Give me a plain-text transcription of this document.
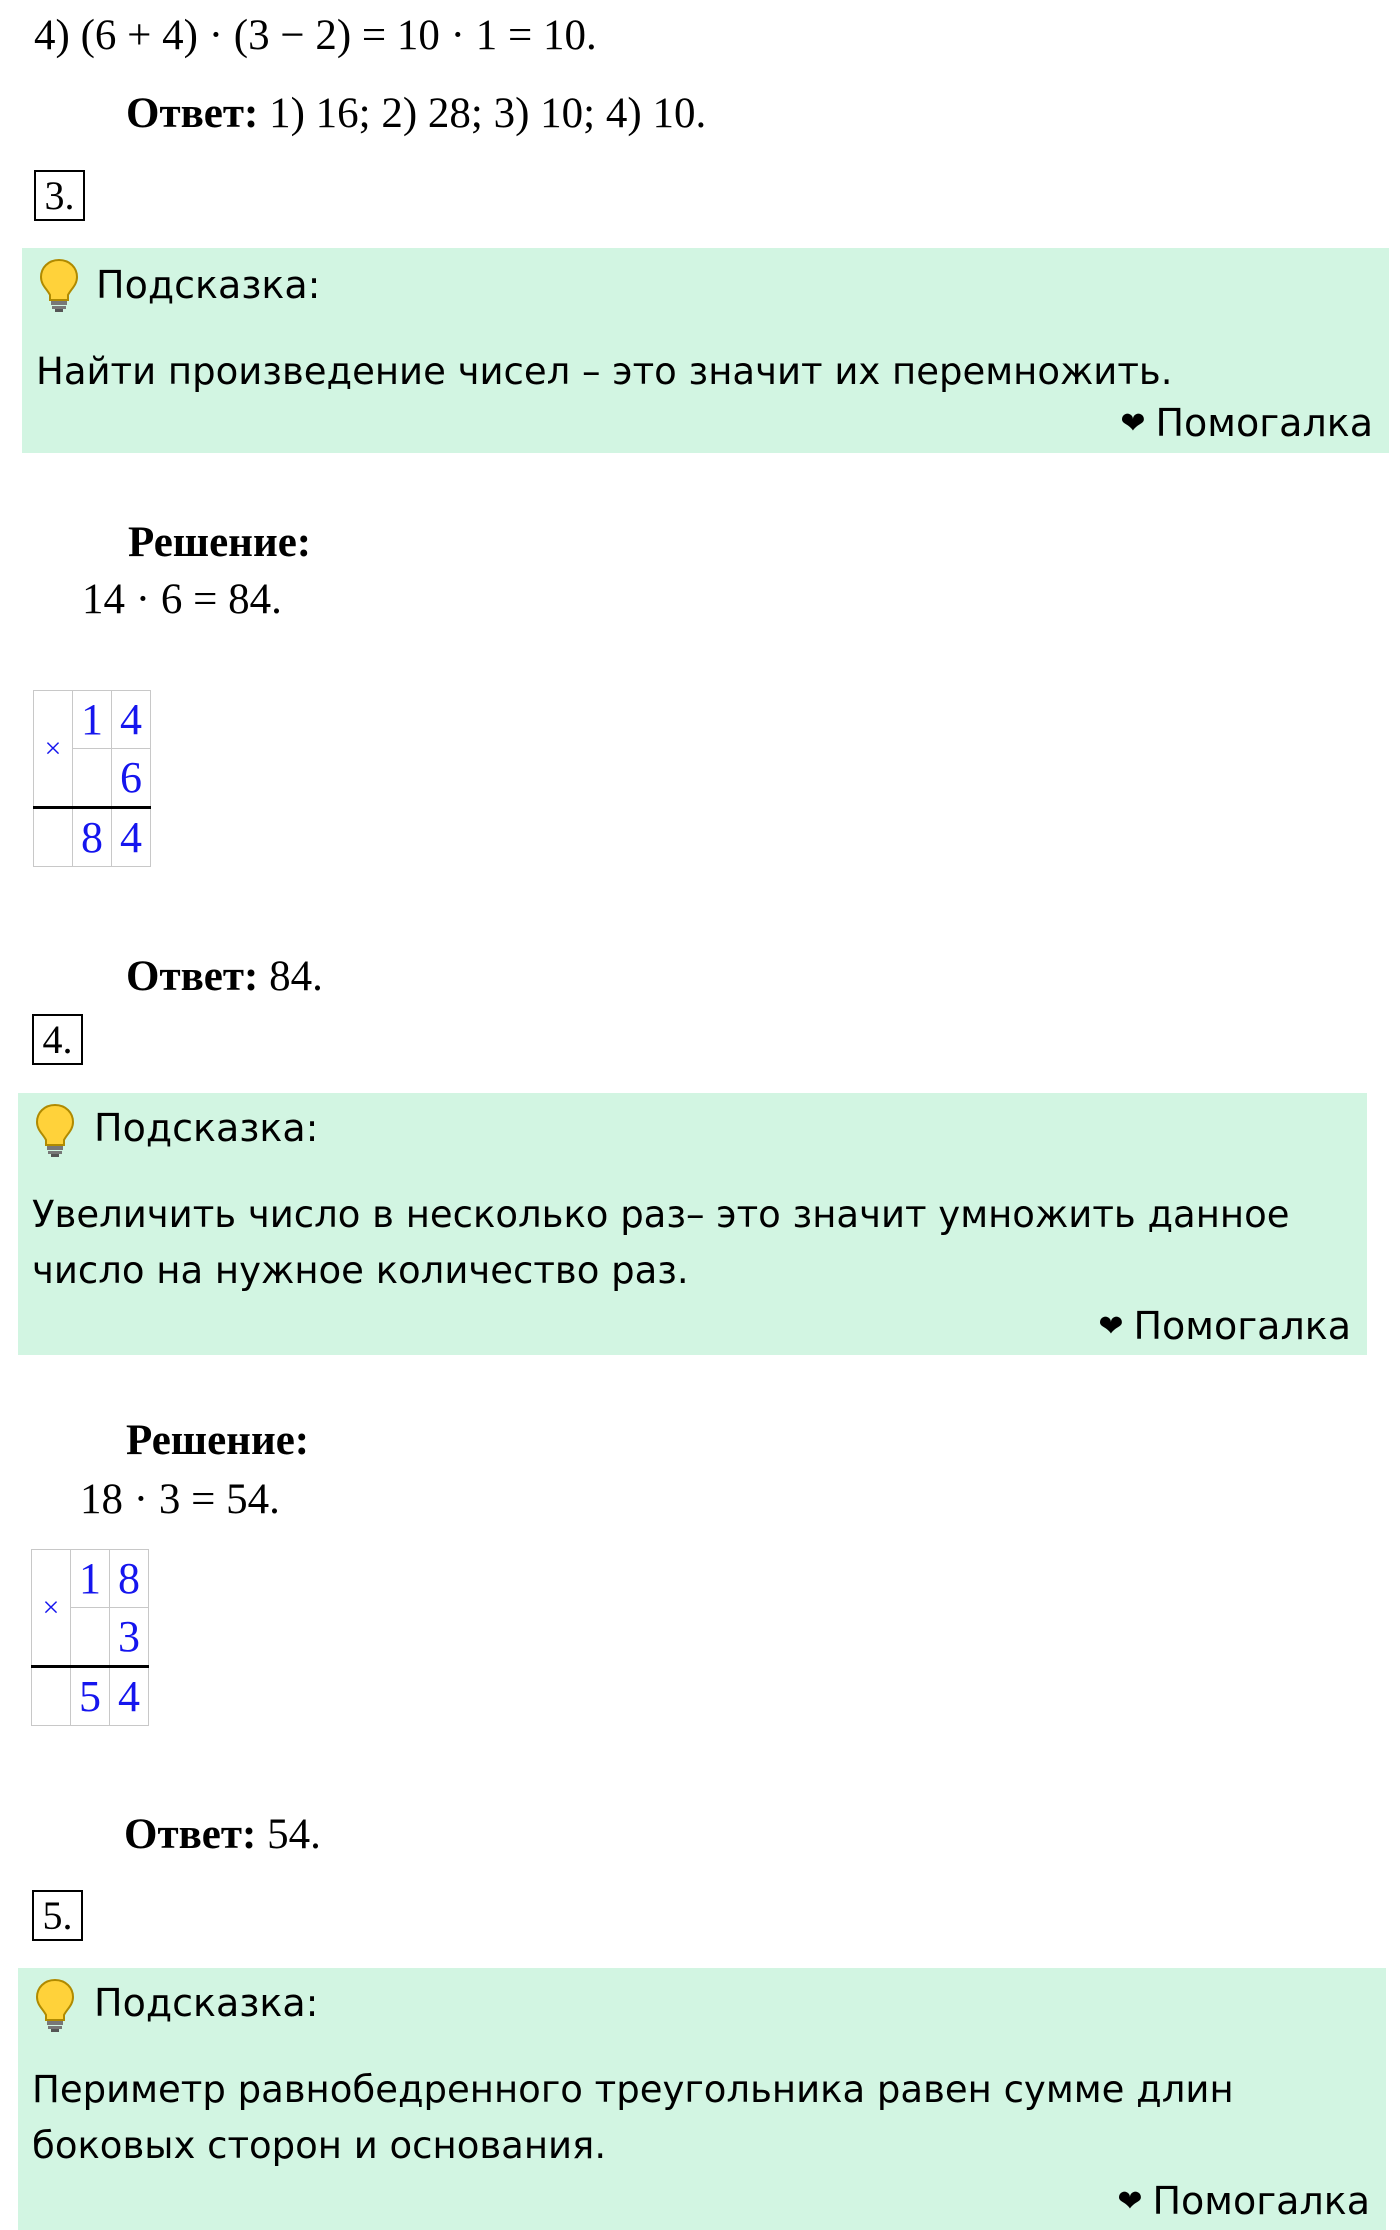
4) (6 + 4) · (3 − 2) = 10 · 1 = 10.
Ответ: 1) 16; 2) 28; 3) 10; 4) 10.
3.
Подсказка:
Найти произведение чисел – это значит их перемножить.
❤ Помогалка
Решение:
14 · 6 = 84.
×	1	4
		6
	8	4
Ответ: 84.
4.
Подсказка:
Увеличить число в несколько раз– это значит умножить данное
число на нужное количество раз.
❤ Помогалка
Решение:
18 · 3 = 54.
×	1	8
		3
	5	4
Ответ: 54.
5.
Подсказка:
Периметр равнобедренного треугольника равен сумме длин
боковых сторон и основания.
❤ Помогалка
